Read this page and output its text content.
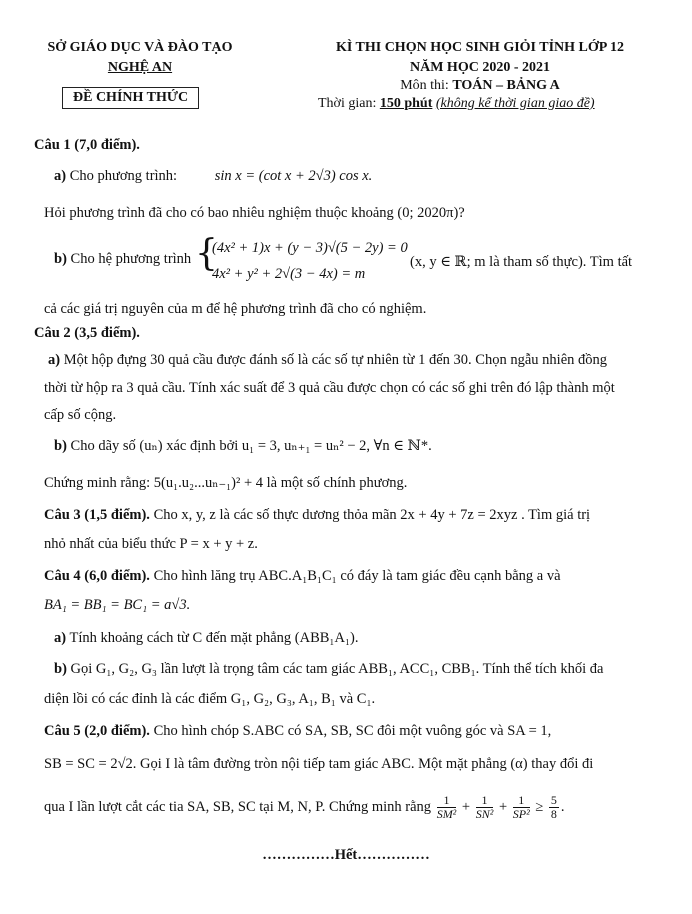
SỞ GIÁO DỤC VÀ ĐÀO TẠO
NGHỆ AN
ĐỀ CHÍNH THỨC
KÌ THI CHỌN HỌC SINH GIỎI TỈNH LỚP 12
NĂM HỌC 2020 - 2021
Môn thi: TOÁN – BẢNG A
Thời gian: 150 phút (không kể thời gian giao đề)
Câu 1 (7,0 điểm).
a) Cho phương trình:	sin x = (cot x + 2√3) cos x.
Hỏi phương trình đã cho có bao nhiêu nghiệm thuộc khoảng (0; 2020π)?
b) Cho hệ phương trình {
(4x² + 1)x + (y − 3)√(5 − 2y) = 0
4x² + y² + 2√(3 − 4x) = m
(x, y ∈ ℝ; m là tham số thực). Tìm tất
cả các giá trị nguyên của m để hệ phương trình đã cho có nghiệm.
Câu 2 (3,5 điểm).
a) Một hộp đựng 30 quả cầu được đánh số là các số tự nhiên từ 1 đến 30. Chọn ngẫu nhiên đồng
thời từ hộp ra 3 quả cầu. Tính xác suất để 3 quả cầu được chọn có các số ghi trên đó lập thành một
cấp số cộng.
b) Cho dãy số (uₙ) xác định bởi u₁ = 3, uₙ₊₁ = uₙ² − 2, ∀n ∈ ℕ*.
Chứng minh rằng: 5(u₁.u₂...uₙ₋₁)² + 4 là một số chính phương.
Câu 3 (1,5 điểm). Cho x, y, z là các số thực dương thỏa mãn 2x + 4y + 7z = 2xyz . Tìm giá trị
nhỏ nhất của biểu thức P = x + y + z.
Câu 4 (6,0 điểm). Cho hình lăng trụ ABC.A₁B₁C₁ có đáy là tam giác đều cạnh bằng a và
BA₁ = BB₁ = BC₁ = a√3.
a) Tính khoảng cách từ C đến mặt phẳng (ABB₁A₁).
b) Gọi G₁, G₂, G₃ lần lượt là trọng tâm các tam giác ABB₁, ACC₁, CBB₁. Tính thể tích khối đa
diện lồi có các đỉnh là các điểm G₁, G₂, G₃, A₁, B₁ và C₁.
Câu 5 (2,0 điểm). Cho hình chóp S.ABC có SA, SB, SC đôi một vuông góc và SA = 1,
SB = SC = 2√2. Gọi I là tâm đường tròn nội tiếp tam giác ABC. Một mặt phẳng (α) thay đổi đi
qua I lần lượt cắt các tia SA, SB, SC tại M, N, P. Chứng minh rằng $\frac{1}{\text{SM²}} + \frac{1}{\text{SN²}} + \frac{1}{\text{SP²}} \ge \frac{5}{8}$ .
……………Hết……………
